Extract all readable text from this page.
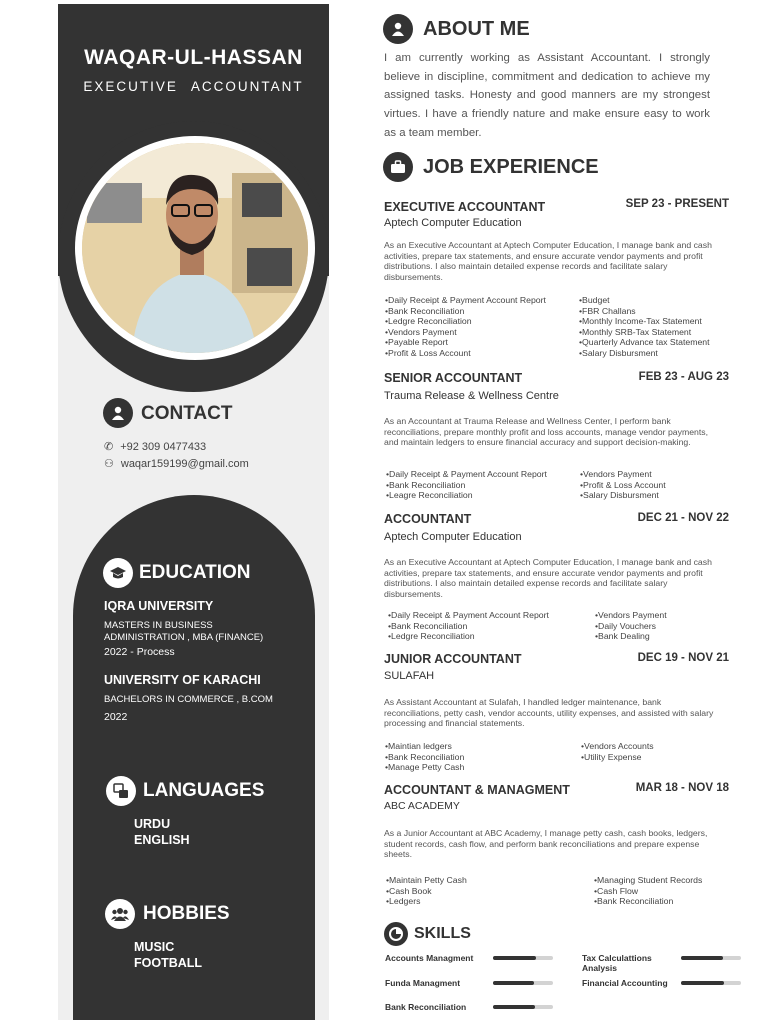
WAQAR-UL-HASSAN
EXECUTIVE ACCOUNTANT
CONTACT
✆ +92 309 0477433
⚇ waqar159199@gmail.com
EDUCATION
IQRA UNIVERSITY
MASTERS IN BUSINESS
ADMINISTRATION , MBA (FINANCE)
2022 - Process
UNIVERSITY OF KARACHI
BACHELORS IN COMMERCE , B.COM
2022
LANGUAGES
URDU
ENGLISH
HOBBIES
MUSIC
FOOTBALL
ABOUT ME
I am currently working as Assistant Accountant. I strongly believe in discipline, commitment and dedication to achieve my assigned tasks. Honesty and good manners are my strongest virtues. I have a friendly nature and make ensure easy to work as a team member.
JOB EXPERIENCE
EXECUTIVE ACCOUNTANT	SEP 23 - PRESENT
Aptech Computer Education
As an Executive Accountant at Aptech Computer Education, I manage bank and cash activities, prepare tax statements, and ensure accurate vendor payments and profit distributions. I also maintain detailed expense records and facilitate salary disbursements.
• Daily Receipt & Payment Account Report
• Bank Reconciliation
• Ledgre Reconciliation
• Vendors Payment
• Payable Report
• Profit & Loss Account
• Budget
• FBR Challans
• Monthly Income-Tax Statement
• Monthly SRB-Tax Statement
• Quarterly Advance tax Statement
• Salary Disbursment
SENIOR ACCOUNTANT	FEB 23 - AUG 23
Trauma Release & Wellness Centre
As an Accountant at Trauma Release and Wellness Center, I perform bank reconciliations, prepare monthly profit and loss accounts, manage vendor payments, and maintain ledgers to ensure financial accuracy and support decision-making.
• Daily Receipt & Payment Account Report
• Bank Reconciliation
• Leagre Reconciliation
• Vendors Payment
• Profit & Loss Account
• Salary Disbursment
ACCOUNTANT	DEC 21 - NOV 22
Aptech Computer Education
As an Executive Accountant at Aptech Computer Education, I manage bank and cash activities, prepare tax statements, and ensure accurate vendor payments and profit distributions. I also maintain detailed expense records and facilitate salary disbursements.
• Daily Receipt & Payment Account Report
• Bank Reconciliation
• Ledgre Reconciliation
• Vendors Payment
• Daily Vouchers
• Bank Dealing
JUNIOR ACCOUNTANT	DEC 19 - NOV 21
SULAFAH
As Assistant Accountant at Sulafah, I handled ledger maintenance, bank reconciliations, petty cash, vendor accounts, utility expenses, and assisted with salary processing and financial statements.
• Maintian ledgers
• Bank Reconciliation
• Manage Petty Cash
• Vendors Accounts
• Utility Expense
ACCOUNTANT & MANAGMENT	MAR 18 - NOV 18
ABC ACADEMY
As a Junior Accountant at ABC Academy, I manage petty cash, cash books, ledgers, student records, cash flow, and perform bank reconciliations and prepare expense sheets.
• Maintain Petty Cash
• Cash Book
• Ledgers
• Managing Student Records
• Cash Flow
• Bank Reconciliation
SKILLS
Accounts Managment	Tax Calculattions Analysis
Funda Managment	Financial Accounting
Bank Reconciliation
